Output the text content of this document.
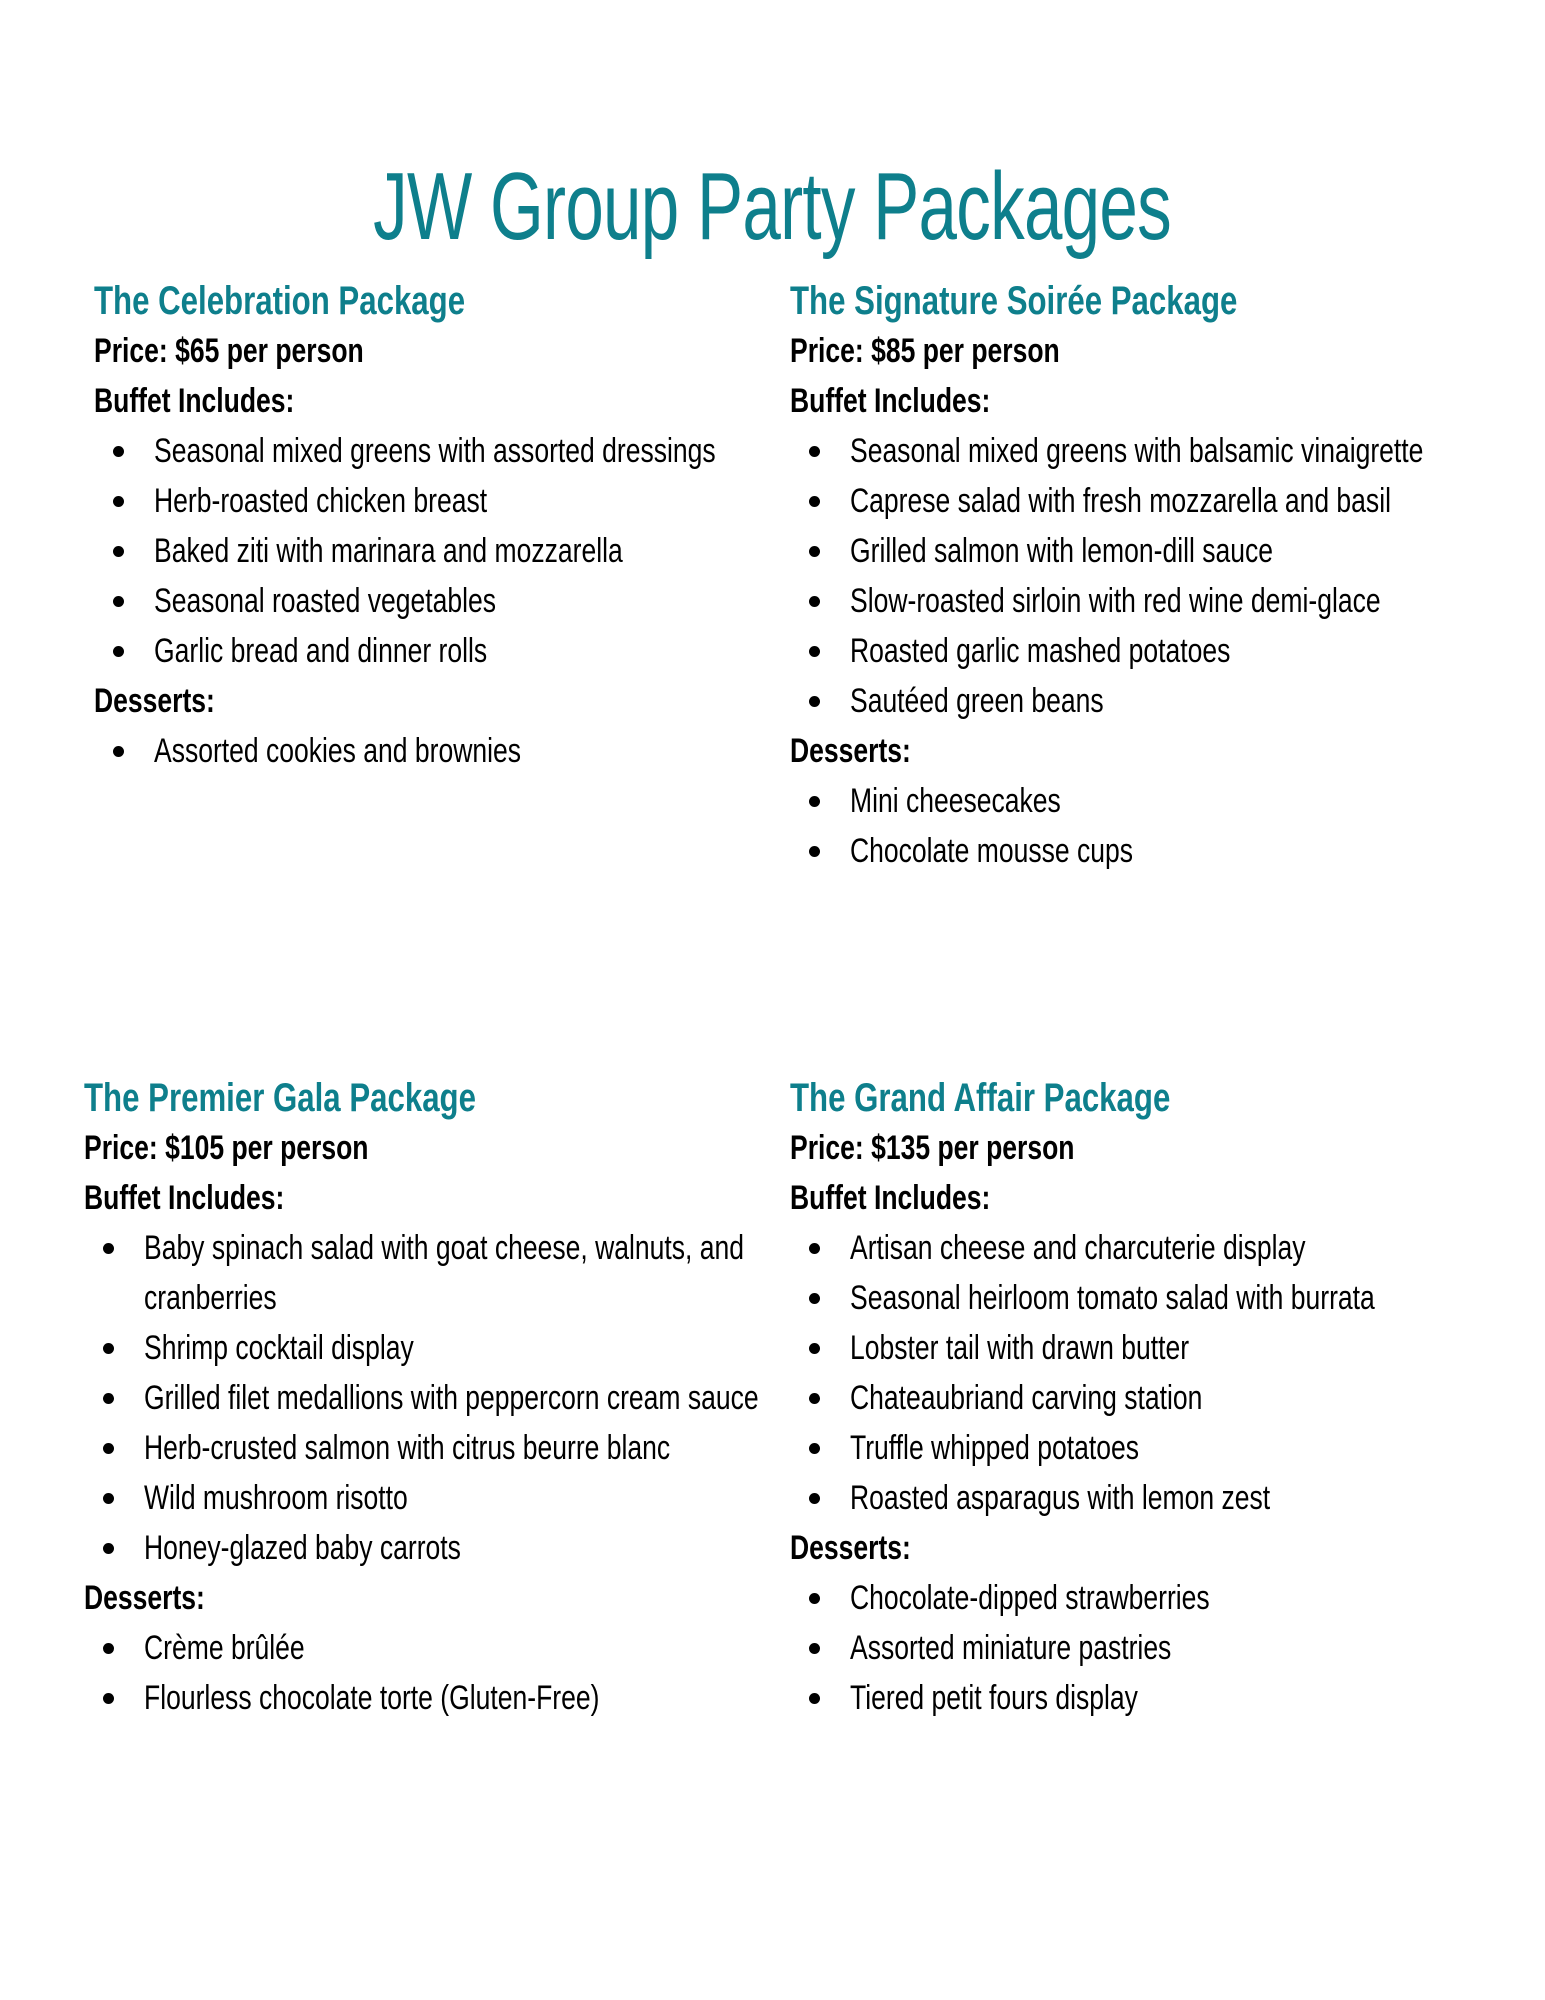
JW Group Party Packages
The Celebration Package
Price: $65 per person
Buffet Includes:
Seasonal mixed greens with assorted dressings
Herb-roasted chicken breast
Baked ziti with marinara and mozzarella
Seasonal roasted vegetables
Garlic bread and dinner rolls
Desserts:
Assorted cookies and brownies
The Signature Soirée Package
Price: $85 per person
Buffet Includes:
Seasonal mixed greens with balsamic vinaigrette
Caprese salad with fresh mozzarella and basil
Grilled salmon with lemon-dill sauce
Slow-roasted sirloin with red wine demi-glace
Roasted garlic mashed potatoes
Sautéed green beans
Desserts:
Mini cheesecakes
Chocolate mousse cups
The Premier Gala Package
Price: $105 per person
Buffet Includes:
Baby spinach salad with goat cheese, walnuts, and cranberries
Shrimp cocktail display
Grilled filet medallions with peppercorn cream sauce
Herb-crusted salmon with citrus beurre blanc
Wild mushroom risotto
Honey-glazed baby carrots
Desserts:
Crème brûlée
Flourless chocolate torte (Gluten-Free)
The Grand Affair Package
Price: $135 per person
Buffet Includes:
Artisan cheese and charcuterie display
Seasonal heirloom tomato salad with burrata
Lobster tail with drawn butter
Chateaubriand carving station
Truffle whipped potatoes
Roasted asparagus with lemon zest
Desserts:
Chocolate-dipped strawberries
Assorted miniature pastries
Tiered petit fours display
